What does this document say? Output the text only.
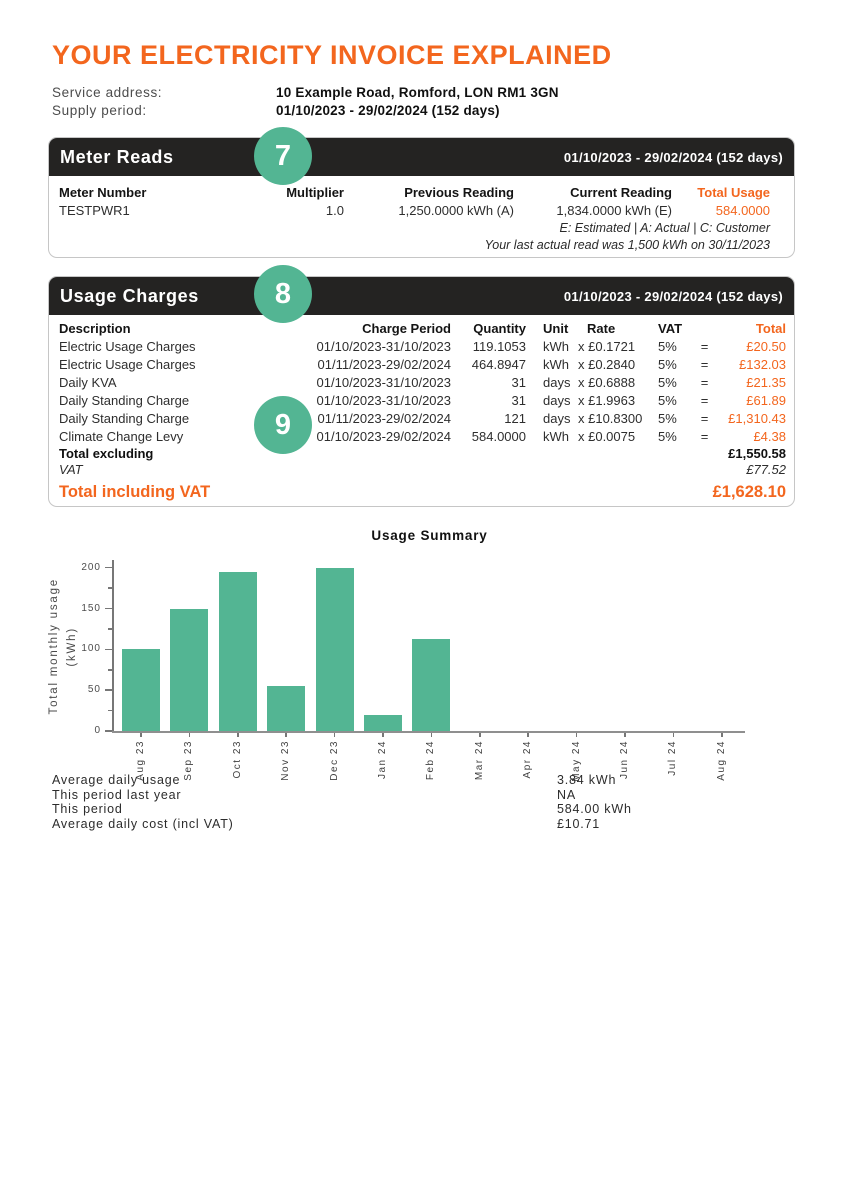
YOUR ELECTRICITY INVOICE EXPLAINED
Service address:	10 Example Road, Romford, LON RM1 3GN
Supply period:	01/10/2023 - 29/02/2024 (152 days)
7
Meter Reads	01/10/2023 - 29/02/2024 (152 days)
Meter Number	Multiplier	Previous Reading	Current Reading	Total Usage
TESTPWR1	1.0	1,250.0000 kWh (A)	1,834.0000 kWh (E)	584.0000
E: Estimated | A: Actual | C: Customer
Your last actual read was 1,500 kWh on 30/11/2023
8
9
Usage Charges	01/10/2023 - 29/02/2024 (152 days)
Description	Charge Period	Quantity	Unit	Rate	VAT	Total
Electric Usage Charges	01/10/2023-31/10/2023	119.1053	kWh x £0.1721	5%	=	£20.50
Electric Usage Charges	01/11/2023-29/02/2024	464.8947	kWh x £0.2840	5%	=	£132.03
Daily KVA	01/10/2023-31/10/2023	31	days x £0.6888	5%	=	£21.35
Daily Standing Charge	01/10/2023-31/10/2023	31	days x £1.9963	5%	=	£61.89
Daily Standing Charge	01/11/2023-29/02/2024	121	days x £10.8300	5%	=	£1,310.43
Climate Change Levy	01/10/2023-29/02/2024	584.0000	kWh x £0.0075	5%	=	£4.38
Total excluding	£1,550.58
VAT	£77.52
Total including VAT	£1,628.10
Usage Summary
Total monthly usage (kWh)
0
50
100
150
200
Aug 23	Sep 23	Oct 23	Nov 23	Dec 23	Jan 24	Feb 24	Mar 24	Apr 24	May 24	Jun 24	Jul 24	Aug 24
Average daily usage	3.84 kWh
This period last year	NA
This period	584.00 kWh
Average daily cost (incl VAT)	£10.71
